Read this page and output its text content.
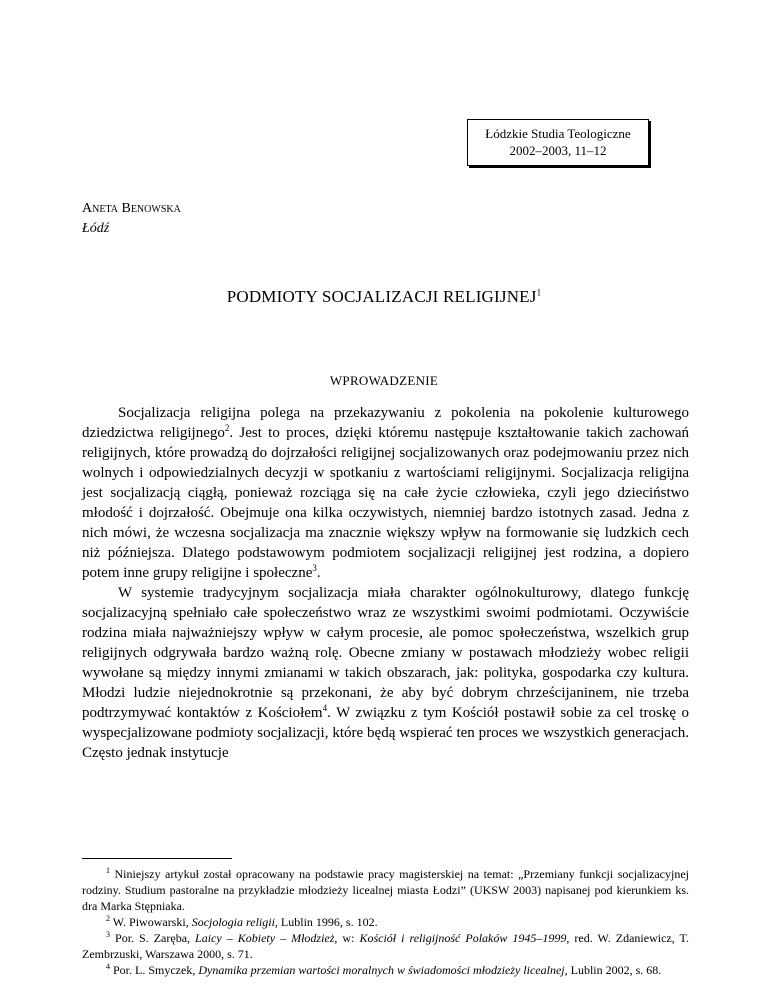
Łódzkie Studia Teologiczne
2002–2003, 11–12
Aneta Benowska
Łódź
PODMIOTY SOCJALIZACJI RELIGIJNEJ$^1$
WPROWADZENIE

Socjalizacja religijna polega na przekazywaniu z pokolenia na pokolenie kulturowego dziedzictwa religijnego$^2$. Jest to proces, dzięki któremu następuje kształtowanie takich zachowań religijnych, które prowadzą do dojrzałości religijnej socjalizowanych oraz podejmowaniu przez nich wolnych i odpowiedzialnych decyzji w spotkaniu z wartościami religijnymi. Socjalizacja religijna jest socjalizacją ciągłą, ponieważ rozciąga się na całe życie człowieka, czyli jego dzieciństwo młodość i dojrzałość. Obejmuje ona kilka oczywistych, niemniej bardzo istotnych zasad. Jedna z nich mówi, że wczesna socjalizacja ma znacznie większy wpływ na formowanie się ludzkich cech niż późniejsza. Dlatego podstawowym podmiotem socjalizacji religijnej jest rodzina, a dopiero potem inne grupy religijne i społeczne$^3$.

W systemie tradycyjnym socjalizacja miała charakter ogólnokulturowy, dlatego funkcję socjalizacyjną spełniało całe społeczeństwo wraz ze wszystkimi swoimi podmiotami. Oczywiście rodzina miała najważniejszy wpływ w całym procesie, ale pomoc społeczeństwa, wszelkich grup religijnych odgrywała bardzo ważną rolę. Obecne zmiany w postawach młodzieży wobec religii wywołane są między innymi zmianami w takich obszarach, jak: polityka, gospodarka czy kultura. Młodzi ludzie niejednokrotnie są przekonani, że aby być dobrym chrześcijaninem, nie trzeba podtrzymywać kontaktów z Kościołem$^4$. W związku z tym Kościół postawił sobie za cel troskę o wyspecjalizowane podmioty socjalizacji, które będą wspierać ten proces we wszystkich generacjach. Często jednak instytucje

$^1$ Niniejszy artykuł został opracowany na podstawie pracy magisterskiej na temat: „Przemiany funkcji socjalizacyjnej rodziny. Studium pastoralne na przykładzie młodzieży licealnej miasta Łodzi” (UKSW 2003) napisanej pod kierunkiem ks. dra Marka Stępniaka.

$^2$ W. Piwowarski, Socjologia religii, Lublin 1996, s. 102.

$^3$ Por. S. Zaręba, Laicy – Kobiety – Młodzież, w: Kościół i religijność Polaków 1945–1999, red. W. Zdaniewicz, T. Zembrzuski, Warszawa 2000, s. 71.

$^4$ Por. L. Smyczek, Dynamika przemian wartości moralnych w świadomości młodzieży licealnej, Lublin 2002, s. 68.
